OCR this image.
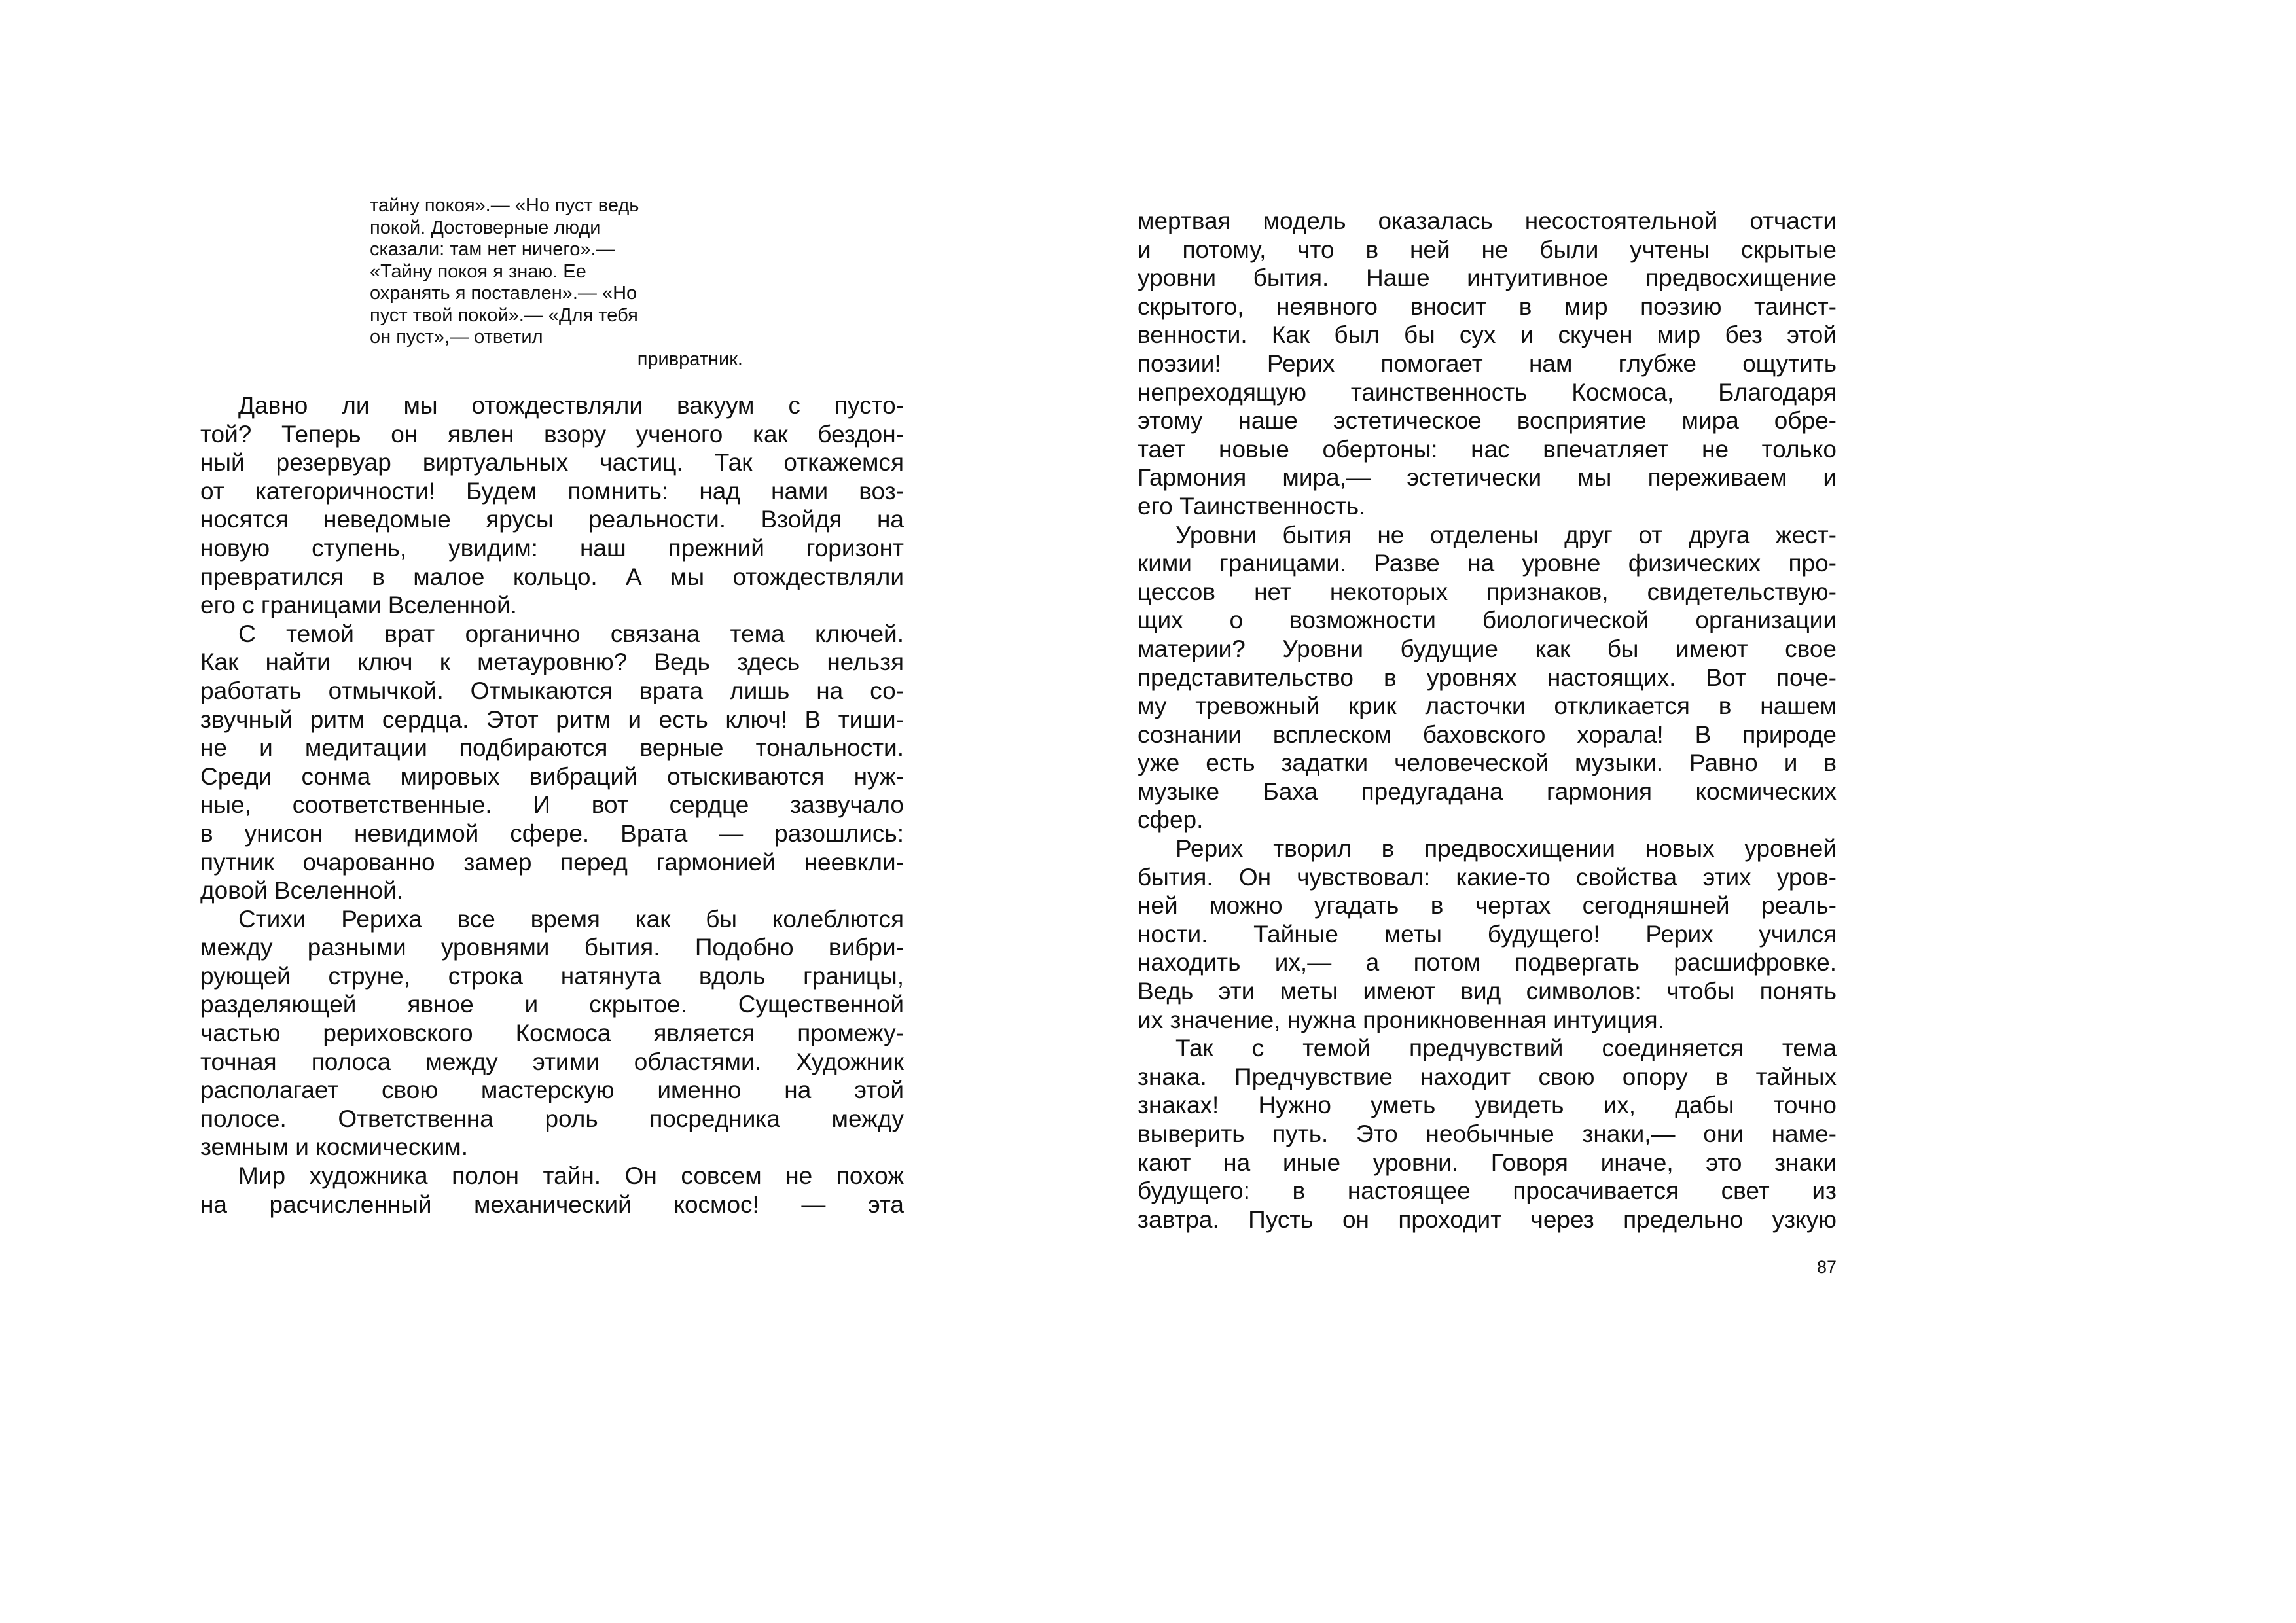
тайну покоя».— «Но пуст ведь
покой. Достоверные люди
сказали: там нет ничего».—
«Тайну покоя я знаю. Ее
охранять я поставлен».— «Но
пуст твой покой».— «Для тебя
он пуст»,— ответил
привратник.
Давно ли мы отождествляли вакуум с пусто-
той? Теперь он явлен взору ученого как бездон-
ный резервуар виртуальных частиц. Так откажемся
от категоричности! Будем помнить: над нами воз-
носятся неведомые ярусы реальности. Взойдя на
новую ступень, увидим: наш прежний горизонт
превратился в малое кольцо. А мы отождествляли
его с границами Вселенной.
С темой врат органично связана тема ключей.
Как найти ключ к метауровню? Ведь здесь нельзя
работать отмычкой. Отмыкаются врата лишь на со-
звучный ритм сердца. Этот ритм и есть ключ! В тиши-
не и медитации подбираются верные тональности.
Среди сонма мировых вибраций отыскиваются нуж-
ные, соответственные. И вот сердце зазвучало
в унисон невидимой сфере. Врата — разошлись:
путник очарованно замер перед гармонией неевкли-
довой Вселенной.
Стихи Рериха все время как бы колеблются
между разными уровнями бытия. Подобно вибри-
рующей струне, строка натянута вдоль границы,
разделяющей явное и скрытое. Существенной
частью рериховского Космоса является промежу-
точная полоса между этими областями. Художник
располагает свою мастерскую именно на этой
полосе. Ответственна роль посредника между
земным и космическим.
Мир художника полон тайн. Он совсем не похож
на расчисленный механический космос! — эта
мертвая модель оказалась несостоятельной отчасти
и потому, что в ней не были учтены скрытые
уровни бытия. Наше интуитивное предвосхищение
скрытого, неявного вносит в мир поэзию таинст-
венности. Как был бы сух и скучен мир без этой
поэзии! Рерих помогает нам глубже ощутить
непреходящую таинственность Космоса, Благодаря
этому наше эстетическое восприятие мира обре-
тает новые обертоны: нас впечатляет не только
Гармония мира,— эстетически мы переживаем и
его Таинственность.
Уровни бытия не отделены друг от друга жест-
кими границами. Разве на уровне физических про-
цессов нет некоторых признаков, свидетельствую-
щих о возможности биологической организации
материи? Уровни будущие как бы имеют свое
представительство в уровнях настоящих. Вот поче-
му тревожный крик ласточки откликается в нашем
сознании всплеском баховского хорала! В природе
уже есть задатки человеческой музыки. Равно и в
музыке Баха предугадана гармония космических
сфер.
Рерих творил в предвосхищении новых уровней
бытия. Он чувствовал: какие-то свойства этих уров-
ней можно угадать в чертах сегодняшней реаль-
ности. Тайные меты будущего! Рерих учился
находить их,— а потом подвергать расшифровке.
Ведь эти меты имеют вид символов: чтобы понять
их значение, нужна проникновенная интуиция.
Так с темой предчувствий соединяется тема
знака. Предчувствие находит свою опору в тайных
знаках! Нужно уметь увидеть их, дабы точно
выверить путь. Это необычные знаки,— они наме-
кают на иные уровни. Говоря иначе, это знаки
будущего: в настоящее просачивается свет из
завтра. Пусть он проходит через предельно узкую
87
